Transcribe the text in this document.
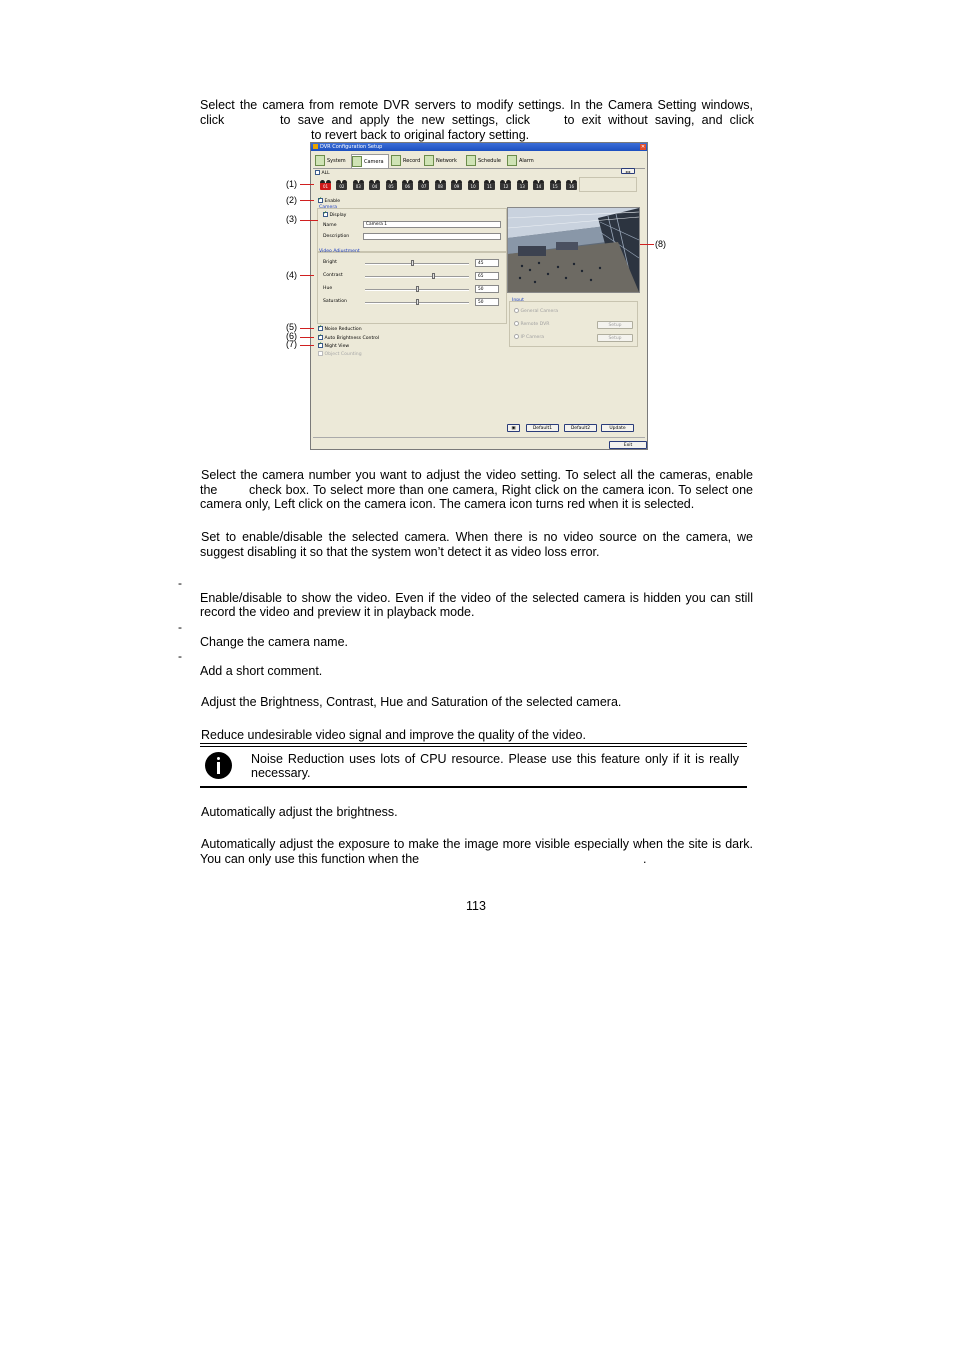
Select the camera from remote DVR servers to modify settings. In the Camera Setting windows,
click	to save and apply the new settings, click	to exit without saving, and click
to revert back to original factory setting.
DVR Configuration Setup	✕
System	Camera	Record	Network	Schedule	Alarm
ALL	◂ ▸
01	02	03	04	05	06	07	08	09	10	11	12	13	14	15	16
✓ Enable
Camera
✓ Display
Name	Camera 1
Description
Video Adjustment
Bright	45
Contrast	65
Hue	50
Saturation	50	Input
General Camera
Remote DVR
IP Camera
Setup
Setup
✓ Noise Reduction
✓ Auto Brightness Control
✓ Night View
Object Counting
▣	Default1	Default2	Update
Exit
(1)
(2)
(3)
(4)
(5)
(6)
(7)
(8)
Select the camera number you want to adjust the video setting. To select all the cameras, enable
the	check box. To select more than one camera, Right click on the camera icon. To select one
camera only, Left click on the camera icon. The camera icon turns red when it is selected.
Set to enable/disable the selected camera. When there is no video source on the camera, we
suggest disabling it so that the system won’t detect it as video loss error.
-
Enable/disable to show the video. Even if the video of the selected camera is hidden you can still
record the video and preview it in playback mode.
-
Change the camera name.
-
Add a short comment.
Adjust the Brightness, Contrast, Hue and Saturation of the selected camera.
Reduce undesirable video signal and improve the quality of the video.
Noise Reduction uses lots of CPU resource. Please use this feature only if it is really
necessary.
Automatically adjust the brightness.
Automatically adjust the exposure to make the image more visible especially when the site is dark.
You can only use this function when the	.
113
